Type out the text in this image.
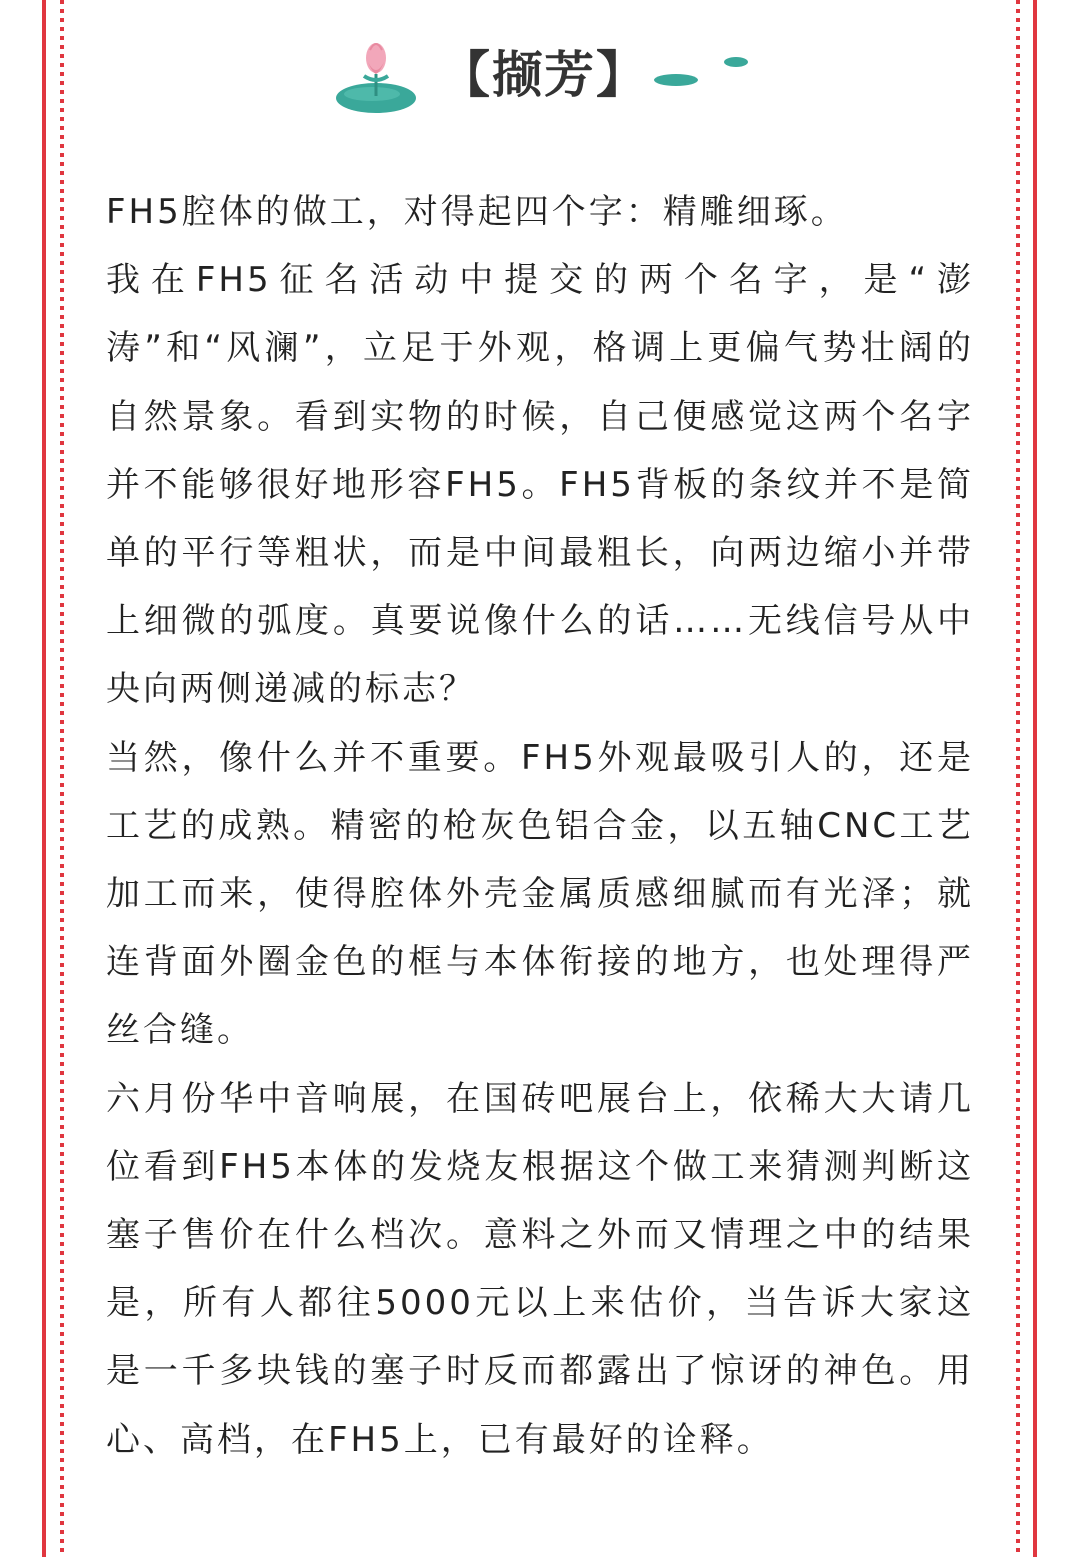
【撷芳】

FH5腔体的做工，对得起四个字：精雕细琢。

我在FH5征名活动中提交的两个名字，是“澎涛”和“风澜”，立足于外观，格调上更偏气势壮阔的自然景象。看到实物的时候，自己便感觉这两个名字并不能够很好地形容FH5。FH5背板的条纹并不是简单的平行等粗状，而是中间最粗长，向两边缩小并带上细微的弧度。真要说像什么的话……无线信号从中央向两侧递减的标志？

当然，像什么并不重要。FH5外观最吸引人的，还是工艺的成熟。精密的枪灰色铝合金，以五轴CNC工艺加工而来，使得腔体外壳金属质感细腻而有光泽；就连背面外圈金色的框与本体衔接的地方，也处理得严丝合缝。

六月份华中音响展，在国砖吧展台上，依稀大大请几位看到FH5本体的发烧友根据这个做工来猜测判断这塞子售价在什么档次。意料之外而又情理之中的结果是，所有人都往5000元以上来估价，当告诉大家这是一千多块钱的塞子时反而都露出了惊讶的神色。用心、高档，在FH5上，已有最好的诠释。
